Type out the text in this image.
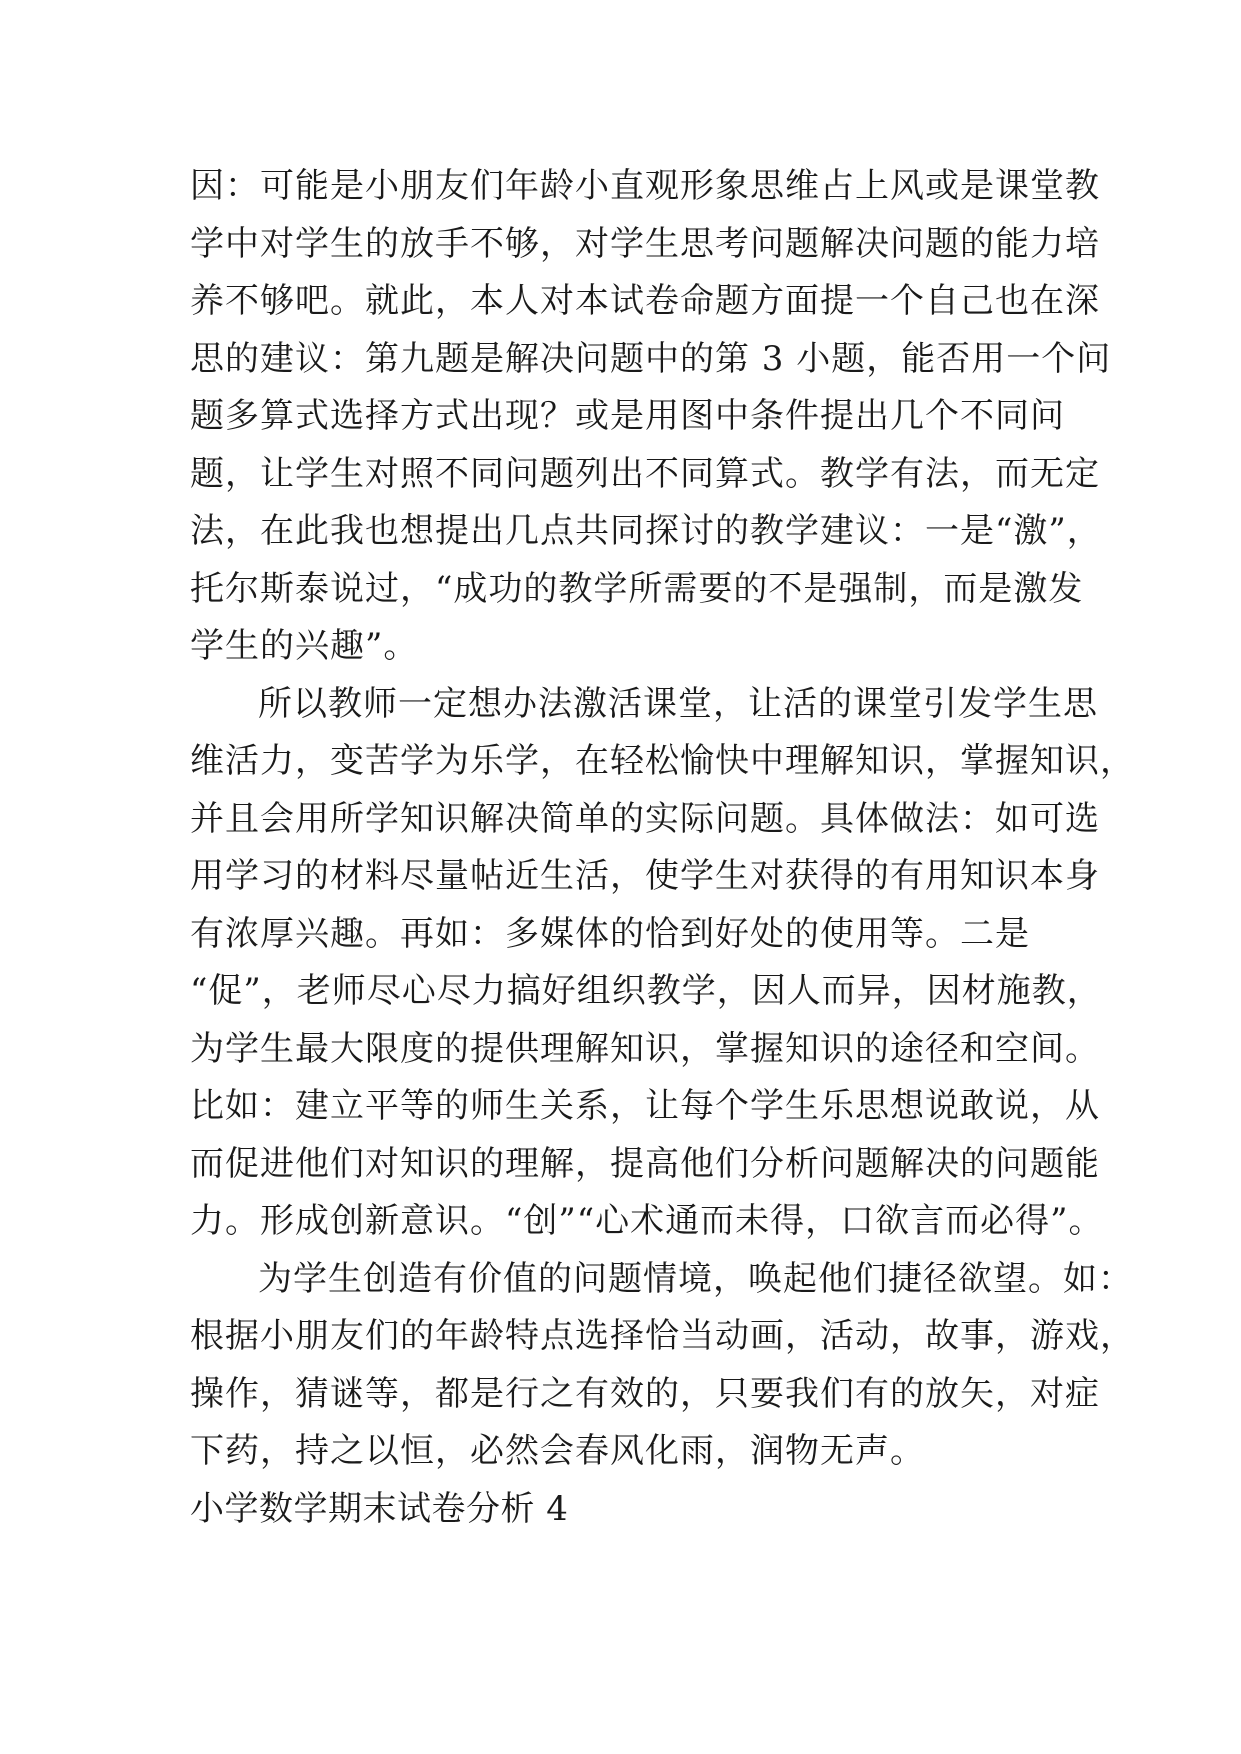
因：可能是小朋友们年龄小直观形象思维占上风或是课堂教
学中对学生的放手不够，对学生思考问题解决问题的能力培
养不够吧。就此，本人对本试卷命题方面提一个自己也在深
思的建议：第九题是解决问题中的第 3 小题，能否用一个问
题多算式选择方式出现？或是用图中条件提出几个不同问
题，让学生对照不同问题列出不同算式。教学有法，而无定
法，在此我也想提出几点共同探讨的教学建议：一是“激”，
托尔斯泰说过，“成功的教学所需要的不是强制，而是激发
学生的兴趣”。
所以教师一定想办法激活课堂，让活的课堂引发学生思
维活力，变苦学为乐学，在轻松愉快中理解知识，掌握知识，
并且会用所学知识解决简单的实际问题。具体做法：如可选
用学习的材料尽量帖近生活，使学生对获得的有用知识本身
有浓厚兴趣。再如：多媒体的恰到好处的使用等。二是
“促”，老师尽心尽力搞好组织教学，因人而异，因材施教，
为学生最大限度的提供理解知识，掌握知识的途径和空间。
比如：建立平等的师生关系，让每个学生乐思想说敢说，从
而促进他们对知识的理解，提高他们分析问题解决的问题能
力。形成创新意识。“创”“心术通而未得，口欲言而必得”。
为学生创造有价值的问题情境，唤起他们捷径欲望。如：
根据小朋友们的年龄特点选择恰当动画，活动，故事，游戏，
操作，猜谜等，都是行之有效的，只要我们有的放矢，对症
下药，持之以恒，必然会春风化雨，润物无声。
小学数学期末试卷分析 4
